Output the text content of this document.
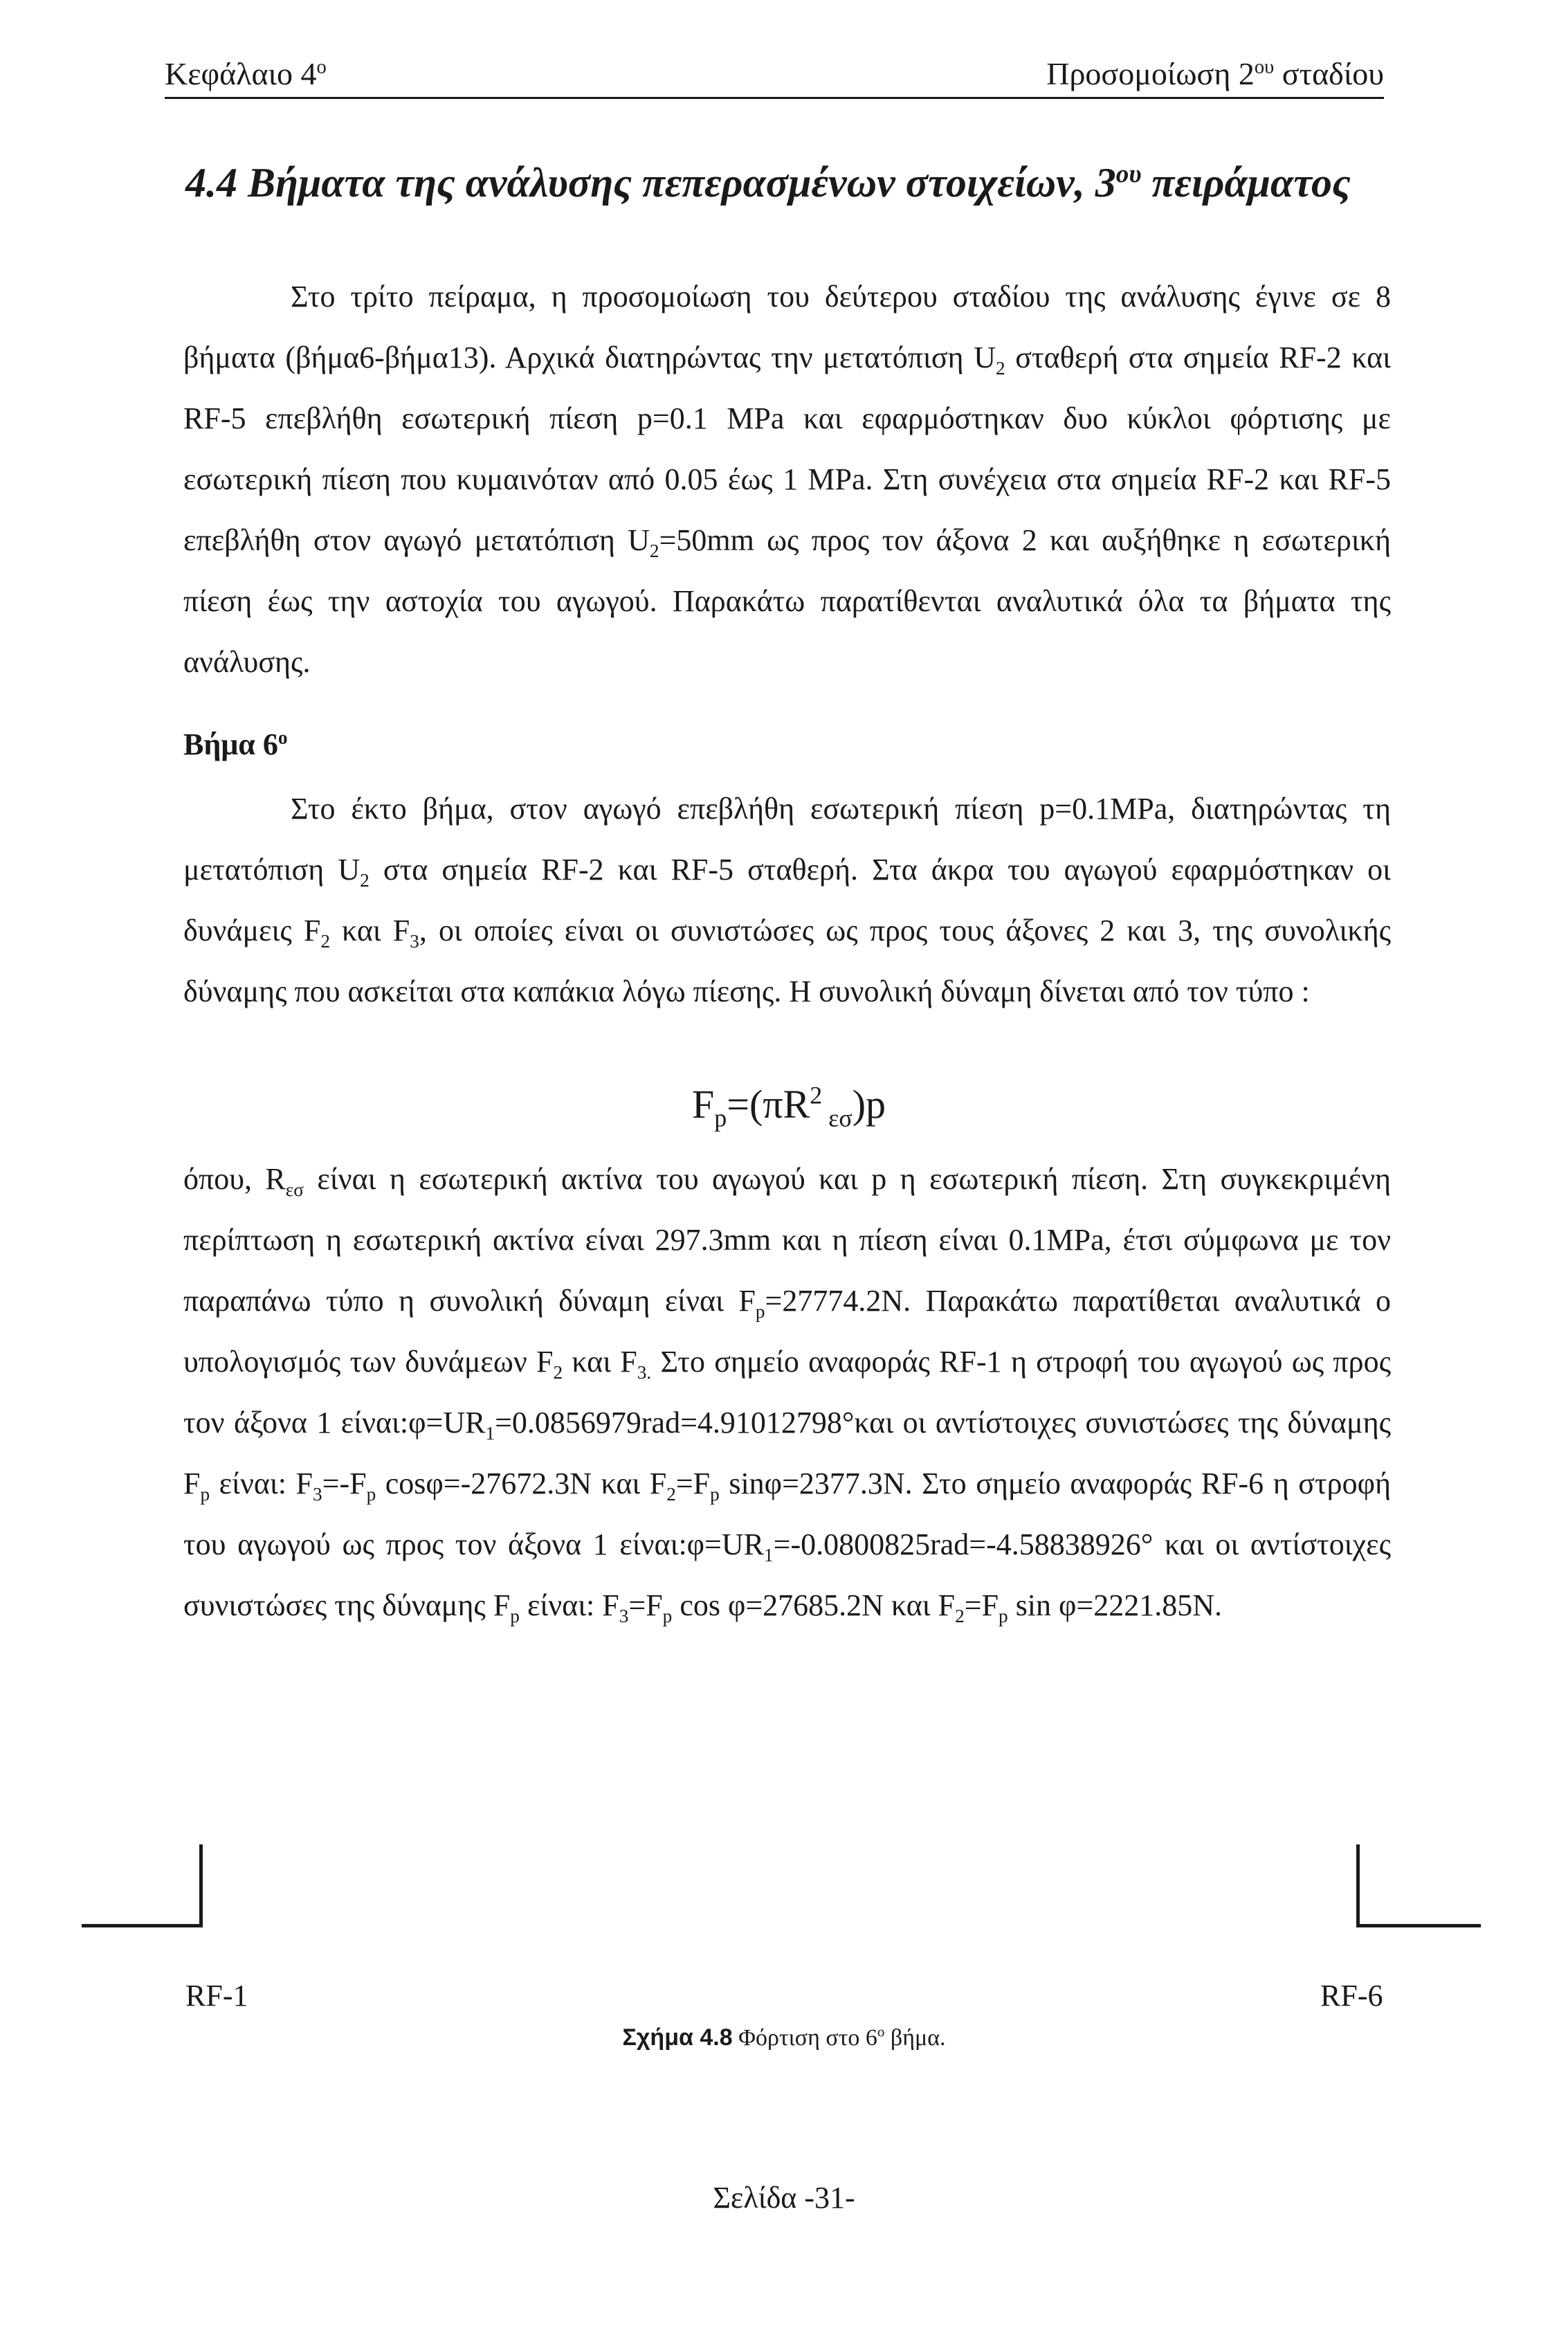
Κεφάλαιο $4^o$	Προσομοίωση $2^{o\upsilon}$ σταδίου
4.4 Βήματα της ανάλυσης πεπερασμένων στοιχείων, $3^{o\upsilon}$ πειράματος

Στο τρίτο πείραμα, η προσομοίωση του δεύτερου σταδίου της ανάλυσης έγινε σε 8 βήματα (βήμα6-βήμα13). Αρχικά διατηρώντας την μετατόπιση $U_2$ σταθερή στα σημεία RF-2 και RF-5 επεβλήθη εσωτερική πίεση p=0.1 MPa και εφαρμόστηκαν δυο κύκλοι φόρτισης με εσωτερική πίεση που κυμαινόταν από 0.05 έως 1 MPa. Στη συνέχεια στα σημεία RF-2 και RF-5 επεβλήθη στον αγωγό μετατόπιση $U_2=50mm$ ως προς τον άξονα 2 και αυξήθηκε η εσωτερική πίεση έως την αστοχία του αγωγού. Παρακάτω παρατίθενται αναλυτικά όλα τα βήματα της ανάλυσης.

Βήμα $6^o$

Στο έκτο βήμα, στον αγωγό επεβλήθη εσωτερική πίεση p=0.1MPa, διατηρώντας τη μετατόπιση $U_2$ στα σημεία RF-2 και RF-5 σταθερή. Στα άκρα του αγωγού εφαρμόστηκαν οι δυνάμεις $F_2$ και $F_3$, οι οποίες είναι οι συνιστώσες ως προς τους άξονες 2 και 3, της συνολικής δύναμης που ασκείται στα καπάκια λόγω πίεσης. Η συνολική δύναμη δίνεται από τον τύπο :

$F_p=(\pi R^2$ $_{\varepsilon\sigma}$)p

όπου, $R_{\varepsilon\sigma}$ είναι η εσωτερική ακτίνα του αγωγού και p η εσωτερική πίεση. Στη συγκεκριμένη περίπτωση η εσωτερική ακτίνα είναι 297.3mm και η πίεση είναι 0.1MPa, έτσι σύμφωνα με τον παραπάνω τύπο η συνολική δύναμη είναι $F_p=27774.2N$. Παρακάτω παρατίθεται αναλυτικά ο υπολογισμός των δυνάμεων $F_2$ και $F_{3.}$ Στο σημείο αναφοράς RF-1 η στροφή του αγωγού ως προς τον άξονα 1 $\varepsilon ί\nu\alpha\iota:\varphi=UR_1=0.0856979rad=4.91012798^\circ\kappa\alpha\iota$ οι αντίστοιχες συνιστώσες της δύναμης $F_p$ είναι: $F_3=-F_p$ cosφ=-27672.3N και $F_2=F_p$ sinφ=2377.3N. Στο σημείο αναφοράς RF-6 η στροφή του αγωγού ως προς τον άξονα 1 $\varepsilon ί\nu\alpha\iota:\varphi=UR_1=-0.0800825rad=-4.58838926^\circ$ και οι αντίστοιχες συνιστώσες της δύναμης $F_p$ είναι: $F_3=F_p$ cos φ=27685.2N και $F_2=F_p$ sin φ=2221.85N.

RF-1	RF-6
Σχήμα 4.8 Φόρτιση στο $6^o$ βήμα.
Σελίδα -31-
